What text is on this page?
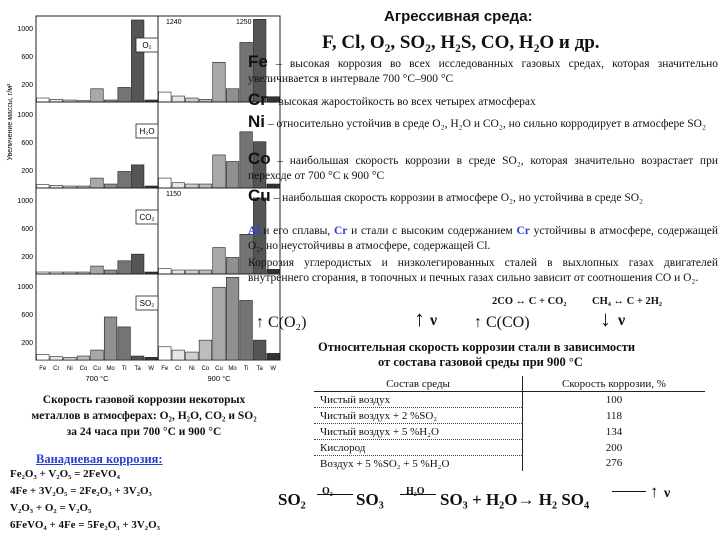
O₂
1240	1250
1000
600
200
H₂O
1000
600
200
CO₂
1150
1000
600
200
SO₂
1000
600
200
Fe Cr Ni Co Cu Mo Ti Ta W
700 °C
Fe Cr Ni Co Cu Mo Ti Ta W
900 °C
Увеличение массы, г/м²
Скорость газовой коррозии некоторых
металлов в атмосферах: O₂, H₂O, CO₂ и SO₂
за 24 часа при 700 °C и 900 °C
Ванадиевая коррозия:
Fe₂O₃ + V₂O₅ = 2FeVO₄
4Fe + 3V₂O₅ = 2Fe₂O₃ + 3V₂O₃
V₂O₃ + O₂ = V₂O₅
6FeVO₄ + 4Fe = 5Fe₂O₃ + 3V₂O₃
Агрессивная среда:
F, Cl, O₂, SO₂, H₂S, CO, H₂O и др.
Fe – высокая коррозия во всех исследованных газовых средах, которая значительно увеличивается в интервале 700 °C–900 °C
Cr – высокая жаростойкость во всех четырех атмосферах
Ni – относительно устойчив в среде O₂, H₂O и CO₂, но сильно корродирует в атмосфере SO₂
Co – наибольшая скорость коррозии в среде SO₂, которая значительно возрастает при переходе от 700 °C к 900 °C
Cu – наибольшая скорость коррозии в атмосфере O₂, но устойчива в среде SO₂
Al и его сплавы, Cr и стали с высоким содержанием Cr устойчивы в атмосфере, содержащей O₂, но неустойчивы в атмосфере, содержащей Cl.
Коррозия углеродистых и низколегированных сталей в выхлопных газах двигателей внутреннего сгорания, в топочных и печных газах сильно зависит от соотношения CO и O₂.
2CO ↔ C + CO₂ CH₄ ↔ C + 2H₂
↑ C(O₂)	↑ ν ↑ C(CO)	↓ ν
Относительная скорость коррозии стали в зависимости
от состава газовой среды при 900 °C
Состав среды	Скорость коррозии, %
Чистый воздух	100
Чистый воздух + 2 %SO₂	118
Чистый воздух + 5 %H₂O	134
Кислород	200
Воздух + 5 %SO₂ + 5 %H₂O	276
SO₂ O₂ SO₃ H₂O SO₃ + H₂O→ H₂ SO₄	↑ ν
